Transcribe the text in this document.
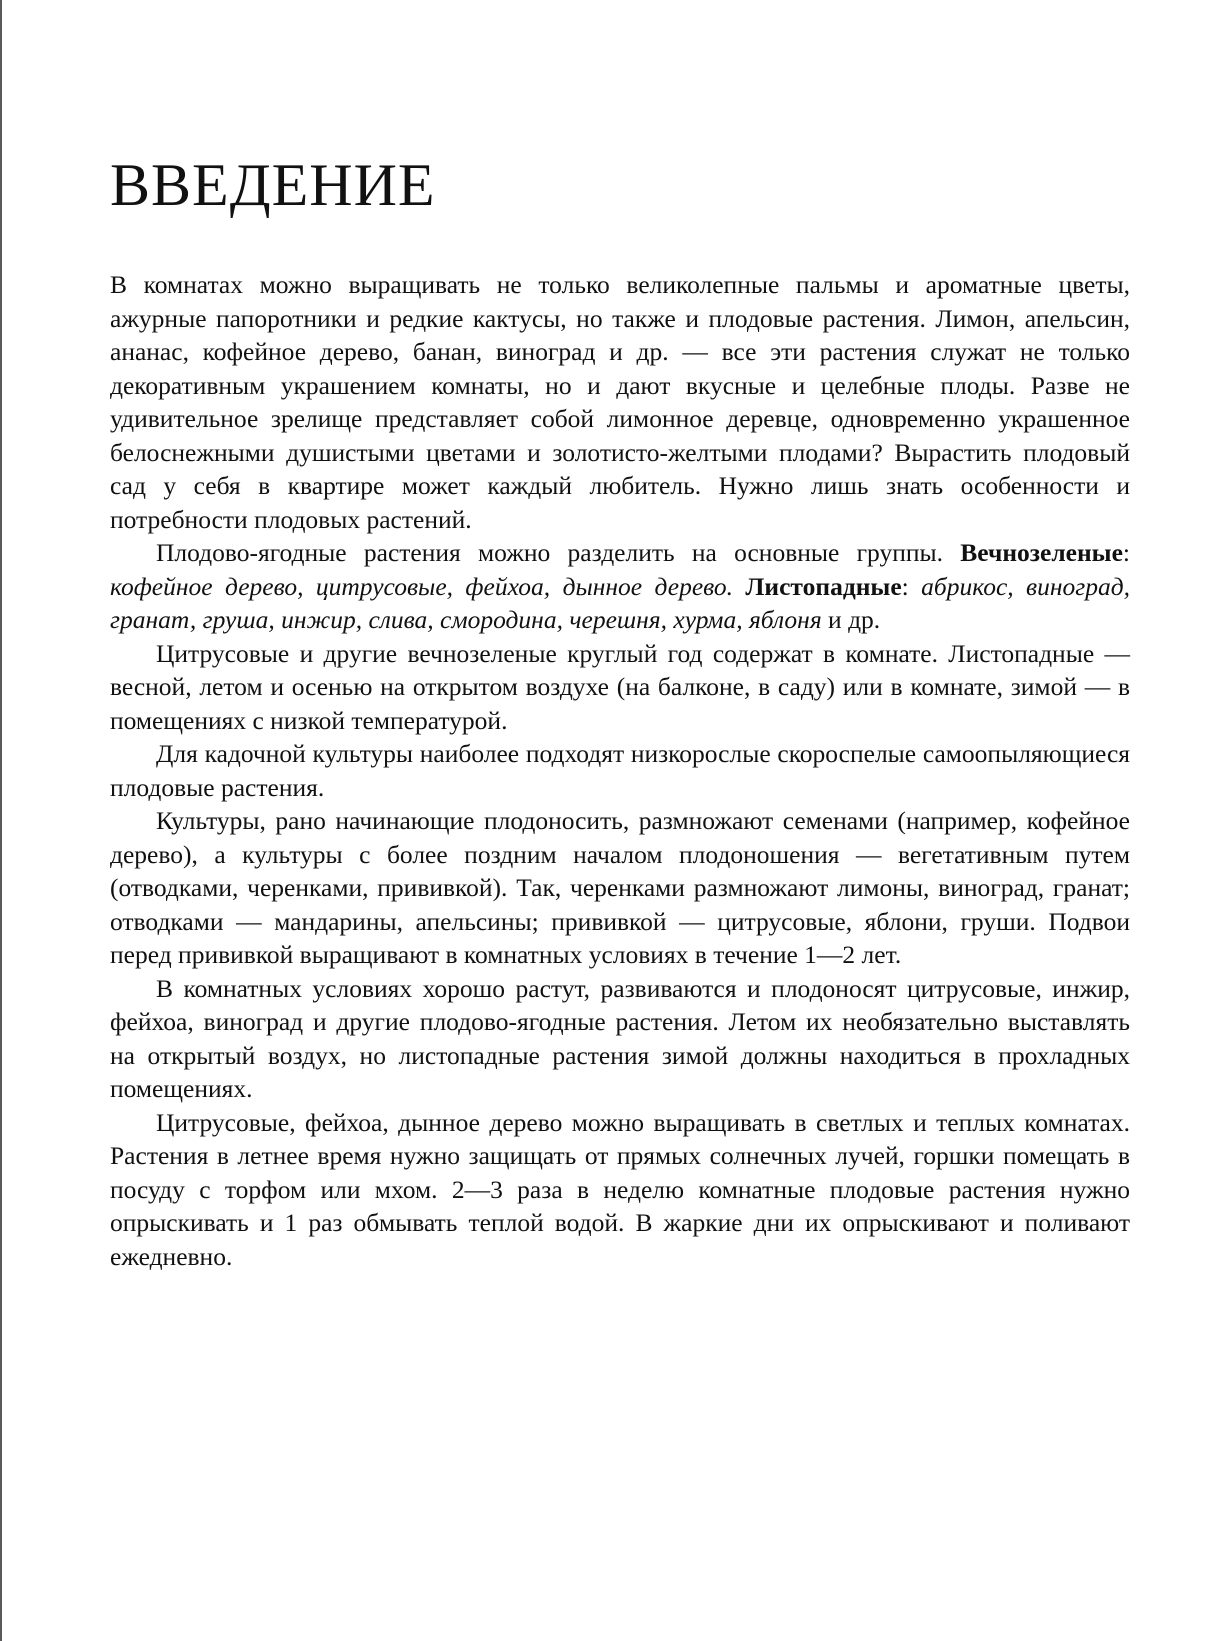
ВВЕДЕНИЕ

В комнатах можно выращивать не только великолепные пальмы и ароматные цветы, ажурные папоротники и редкие кактусы, но также и плодовые растения. Лимон, апельсин, ананас, кофейное дерево, банан, виноград и др. — все эти растения служат не только декоративным украшением комнаты, но и дают вкусные и целебные плоды. Разве не удивительное зрелище представляет собой лимонное деревце, одновременно украшенное белоснежными душистыми цветами и золотисто-желтыми плодами? Вырастить плодовый сад у себя в квартире может каждый любитель. Нужно лишь знать особенности и потребности плодовых растений.

Плодово-ягодные растения можно разделить на основные группы. Вечнозеленые: кофейное дерево, цитрусовые, фейхоа, дынное дерево. Листопадные: абрикос, виноград, гранат, груша, инжир, слива, смородина, черешня, хурма, яблоня и др.

Цитрусовые и другие вечнозеленые круглый год содержат в комнате. Листопадные — весной, летом и осенью на открытом воздухе (на балконе, в саду) или в комнате, зимой — в помещениях с низкой температурой.

Для кадочной культуры наиболее подходят низкорослые скороспелые самоопыляющиеся плодовые растения.

Культуры, рано начинающие плодоносить, размножают семенами (например, кофейное дерево), а культуры с более поздним началом плодоношения — вегетативным путем (отводками, черенками, прививкой). Так, черенками размножают лимоны, виноград, гранат; отводками — мандарины, апельсины; прививкой — цитрусовые, яблони, груши. Подвои перед прививкой выращивают в комнатных условиях в течение 1—2 лет.

В комнатных условиях хорошо растут, развиваются и плодоносят цитрусовые, инжир, фейхоа, виноград и другие плодово-ягодные растения. Летом их необязательно выставлять на открытый воздух, но листопадные растения зимой должны находиться в прохладных помещениях.

Цитрусовые, фейхоа, дынное дерево можно выращивать в светлых и теплых комнатах. Растения в летнее время нужно защищать от прямых солнечных лучей, горшки помещать в посуду с торфом или мхом. 2—3 раза в неделю комнатные плодовые растения нужно опрыскивать и 1 раз обмывать теплой водой. В жаркие дни их опрыскивают и поливают ежедневно.
